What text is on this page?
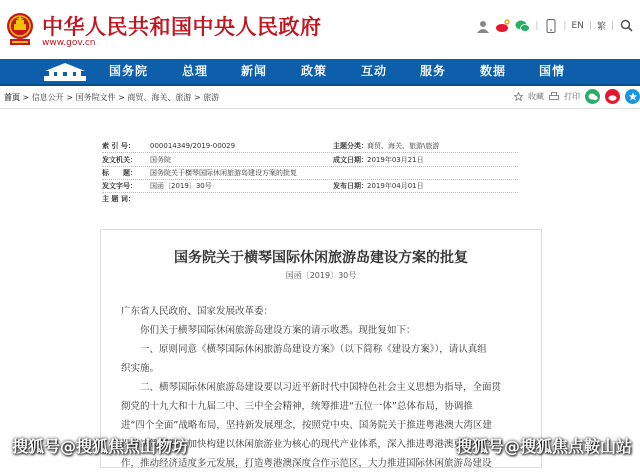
中华人民共和国中央人民政府
www.gov.cn
|	| EN | 繁 |
国务院	总理	新闻	政策	互动	服务	数据	国情
首页 > 信息公开 > 国务院文件 > 商贸、海关、旅游 > 旅游	收藏	打印
索 引 号： 000014349/2019-00029	主题分类： 商贸、海关、旅游\旅游
发文机关： 国务院	成文日期： 2019年03月21日
标　　题： 国务院关于横琴国际休闲旅游岛建设方案的批复
发文字号： 国函〔2019〕30号	发布日期： 2019年04月01日
主 题 词：
国务院关于横琴国际休闲旅游岛建设方案的批复
国函〔2019〕30号
广东省人民政府、国家发展改革委：
你们关于横琴国际休闲旅游岛建设方案的请示收悉。现批复如下：
一、原则同意《横琴国际休闲旅游岛建设方案》（以下简称《建设方案》），请认真组
织实施。
二、横琴国际休闲旅游岛建设要以习近平新时代中国特色社会主义思想为指导，全面贯
彻党的十九大和十九届二中、三中全会精神，统筹推进“五位一体”总体布局，协调推
进“四个全面”战略布局，坚持新发展理念，按照党中央、国务院关于推进粤港澳大湾区建
设的决策部署，加快构建以休闲旅游业为核心的现代产业体系，深入推进粤港澳更紧密合
作，推动经济适度多元发展，打造粤港澳深度合作示范区，大力推进国际休闲旅游岛建设
搜狐号@搜狐焦点山物坊	搜狐号@搜狐焦点鞍山站
